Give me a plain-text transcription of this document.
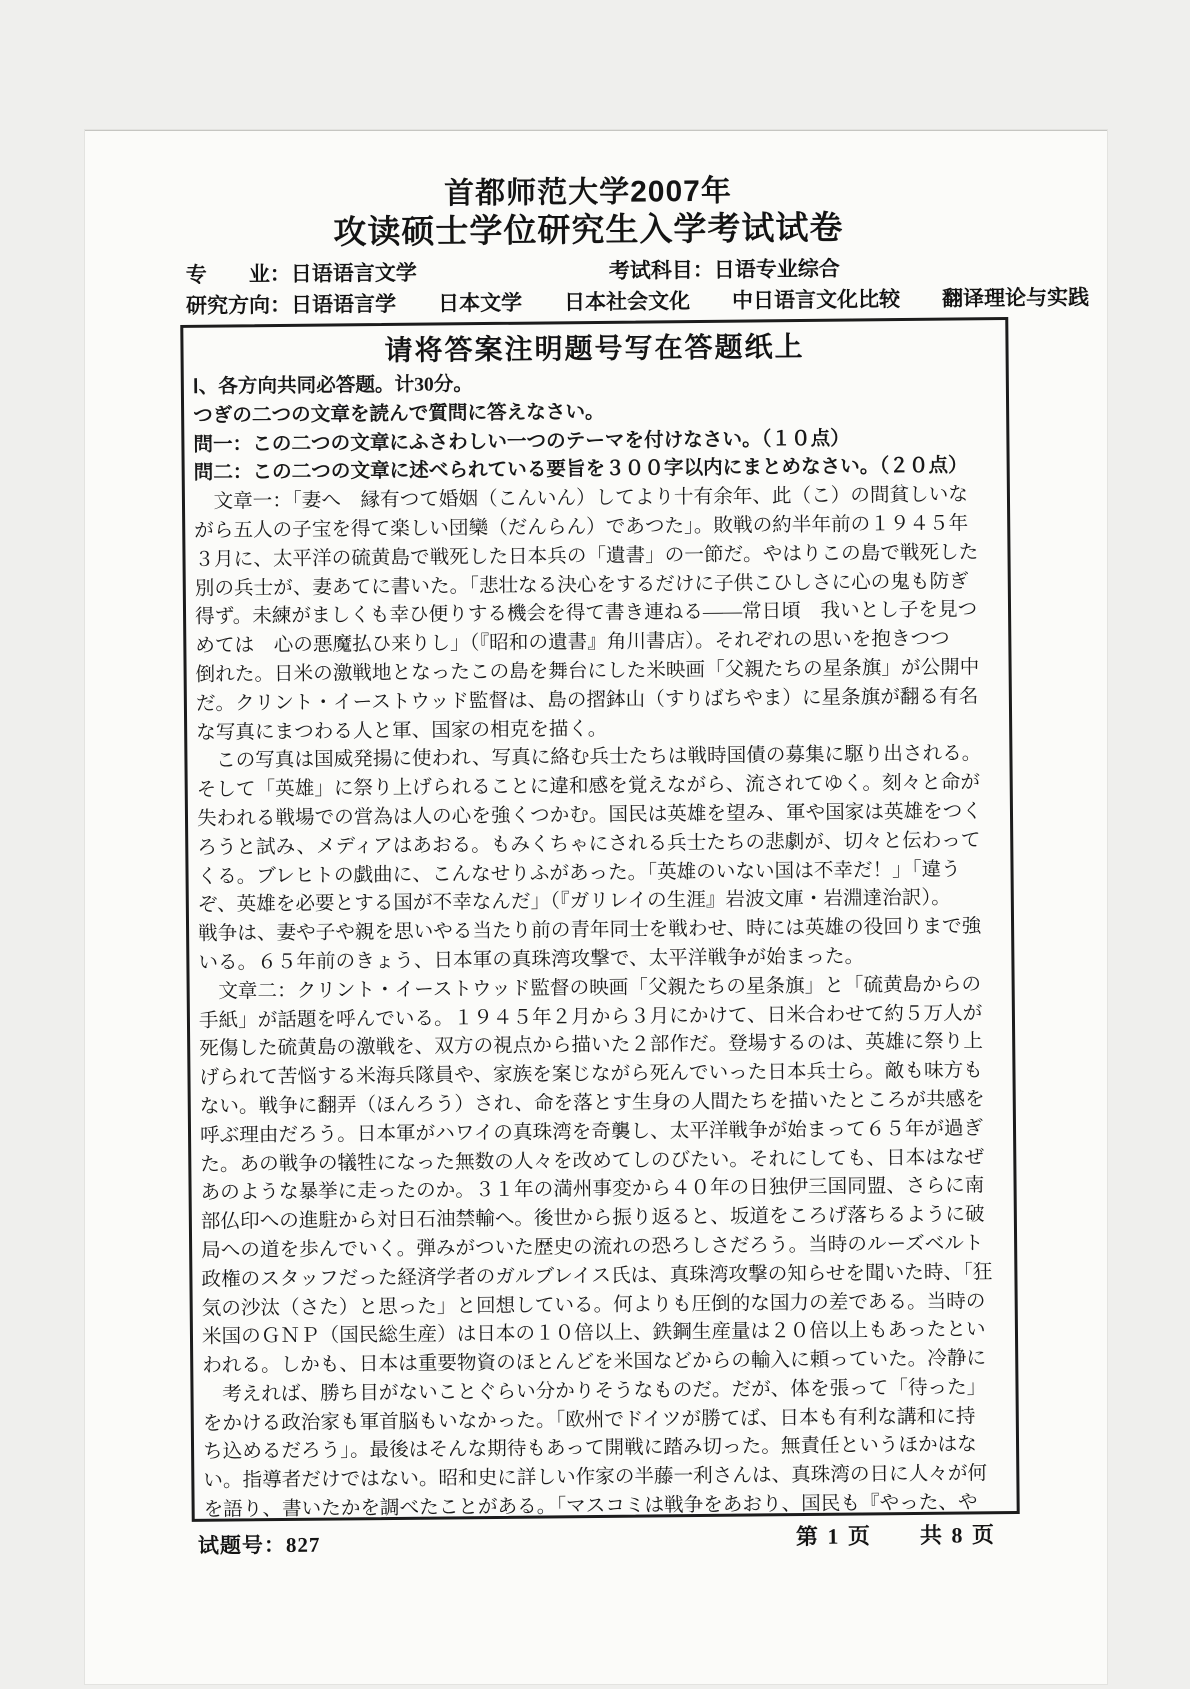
首都师范大学2007年
攻读硕士学位研究生入学考试试卷
专　　业：日语语言文学	考试科目：日语专业综合
研究方向：日语语言学　　日本文学　　日本社会文化　　中日语言文化比较　　翻译理论与实践
请将答案注明题号写在答题纸上
Ⅰ、各方向共同必答题。计30分。
つぎの二つの文章を読んで質問に答えなさい。
問一：この二つの文章にふさわしい一つのテーマを付けなさい。（１０点）
問二：この二つの文章に述べられている要旨を３００字以内にまとめなさい。（２０点）
　文章一：「妻へ　縁有つて婚姻（こんいん）してより十有余年、此（こ）の間貧しいな
がら五人の子宝を得て楽しい団欒（だんらん）であつた」。敗戦の約半年前の１９４５年
３月に、太平洋の硫黄島で戦死した日本兵の「遺書」の一節だ。やはりこの島で戦死した
別の兵士が、妻あてに書いた。「悲壮なる決心をするだけに子供こひしさに心の鬼も防ぎ
得ず。未練がましくも幸ひ便りする機会を得て書き連ねる――常日頃　我いとし子を見つ
めては　心の悪魔払ひ来りし」（『昭和の遺書』角川書店）。それぞれの思いを抱きつつ
倒れた。日米の激戦地となったこの島を舞台にした米映画「父親たちの星条旗」が公開中
だ。クリント・イーストウッド監督は、島の摺鉢山（すりばちやま）に星条旗が翻る有名
な写真にまつわる人と軍、国家の相克を描く。
　この写真は国威発揚に使われ、写真に絡む兵士たちは戦時国債の募集に駆り出される。
そして「英雄」に祭り上げられることに違和感を覚えながら、流されてゆく。刻々と命が
失われる戦場での営為は人の心を強くつかむ。国民は英雄を望み、軍や国家は英雄をつく
ろうと試み、メディアはあおる。もみくちゃにされる兵士たちの悲劇が、切々と伝わって
くる。ブレヒトの戯曲に、こんなせりふがあった。「英雄のいない国は不幸だ！」「違う
ぞ、英雄を必要とする国が不幸なんだ」（『ガリレイの生涯』岩波文庫・岩淵達治訳）。
戦争は、妻や子や親を思いやる当たり前の青年同士を戦わせ、時には英雄の役回りまで強
いる。６５年前のきょう、日本軍の真珠湾攻撃で、太平洋戦争が始まった。
　文章二：クリント・イーストウッド監督の映画「父親たちの星条旗」と「硫黄島からの
手紙」が話題を呼んでいる。１９４５年２月から３月にかけて、日米合わせて約５万人が
死傷した硫黄島の激戦を、双方の視点から描いた２部作だ。登場するのは、英雄に祭り上
げられて苦悩する米海兵隊員や、家族を案じながら死んでいった日本兵士ら。敵も味方も
ない。戦争に翻弄（ほんろう）され、命を落とす生身の人間たちを描いたところが共感を
呼ぶ理由だろう。日本軍がハワイの真珠湾を奇襲し、太平洋戦争が始まって６５年が過ぎ
た。あの戦争の犠牲になった無数の人々を改めてしのびたい。それにしても、日本はなぜ
あのような暴挙に走ったのか。３１年の満州事変から４０年の日独伊三国同盟、さらに南
部仏印への進駐から対日石油禁輸へ。後世から振り返ると、坂道をころげ落ちるように破
局への道を歩んでいく。弾みがついた歴史の流れの恐ろしさだろう。当時のルーズベルト
政権のスタッフだった経済学者のガルブレイス氏は、真珠湾攻撃の知らせを聞いた時、「狂
気の沙汰（さた）と思った」と回想している。何よりも圧倒的な国力の差である。当時の
米国のＧＮＰ（国民総生産）は日本の１０倍以上、鉄鋼生産量は２０倍以上もあったとい
われる。しかも、日本は重要物資のほとんどを米国などからの輸入に頼っていた。冷静に
　考えれば、勝ち目がないことぐらい分かりそうなものだ。だが、体を張って「待った」
をかける政治家も軍首脳もいなかった。「欧州でドイツが勝てば、日本も有利な講和に持
ち込めるだろう」。最後はそんな期待もあって開戦に踏み切った。無責任というほかはな
い。指導者だけではない。昭和史に詳しい作家の半藤一利さんは、真珠湾の日に人々が何
を語り、書いたかを調べたことがある。「マスコミは戦争をあおり、国民も『やった、や
试题号：827	第 1 页　　共 8 页
